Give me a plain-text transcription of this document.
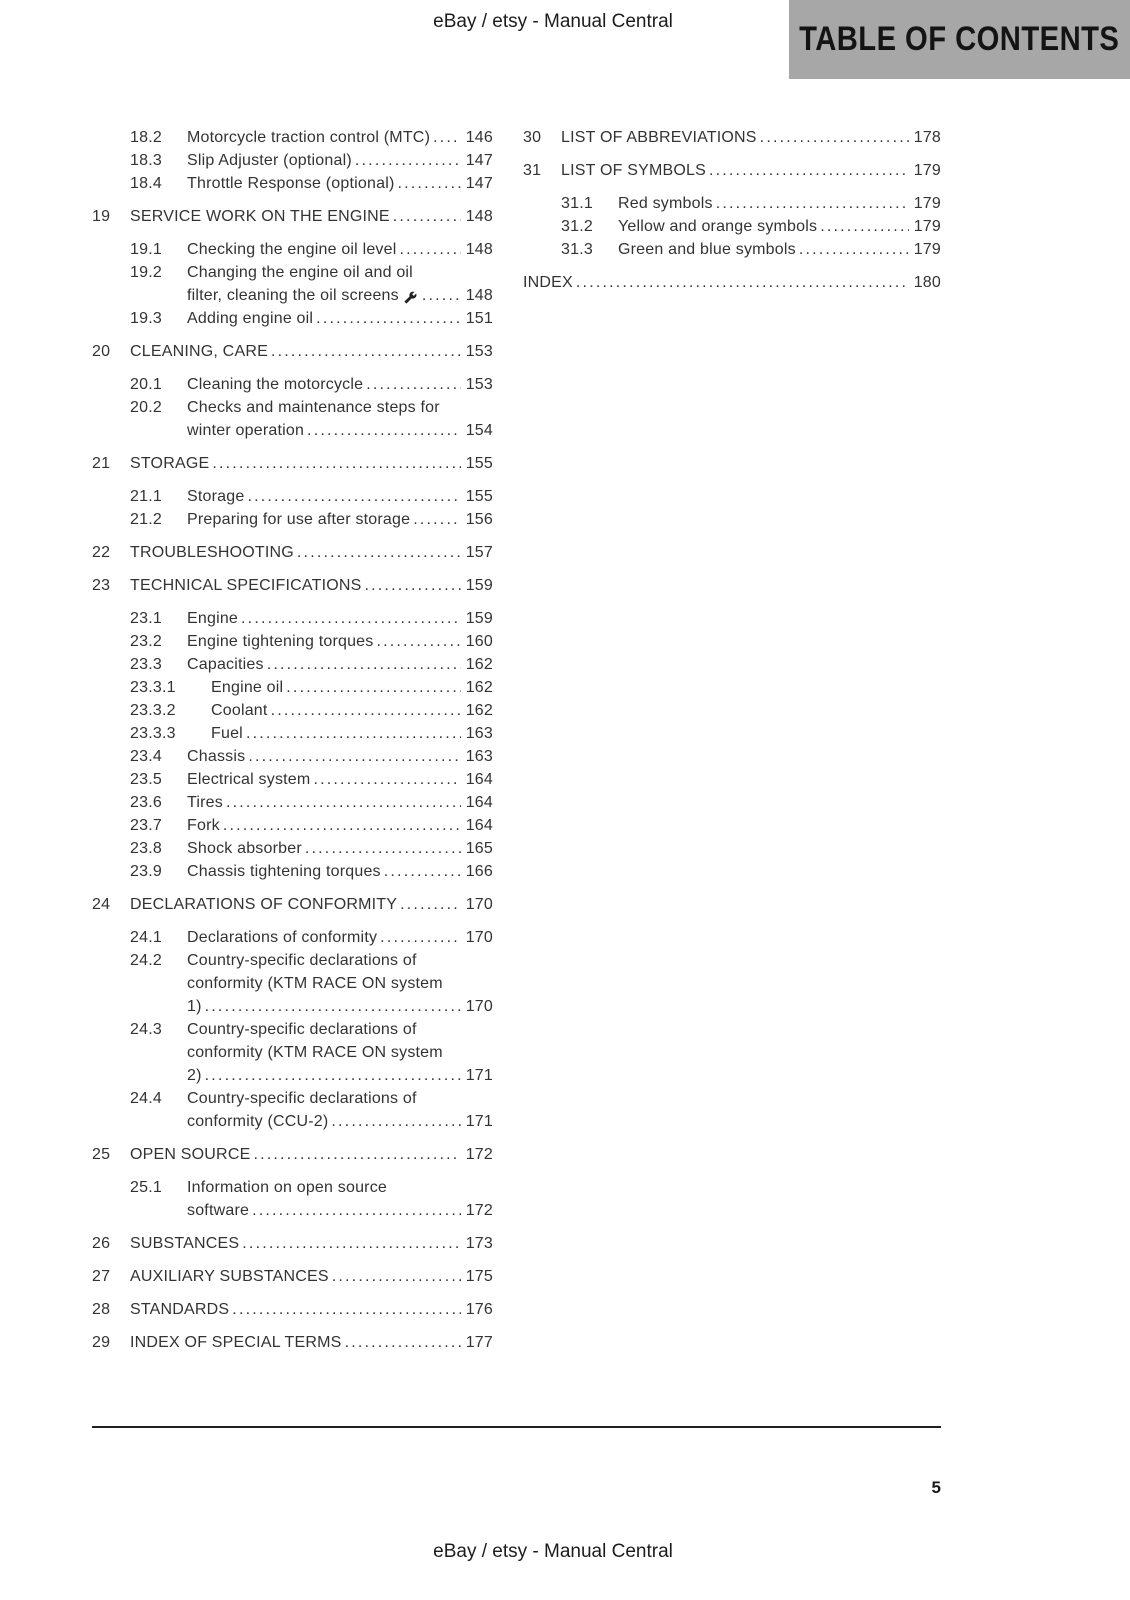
eBay / etsy - Manual Central	TABLE OF CONTENTS
18.2	Motorcycle traction control (MTC) .....	146
18.3	Slip Adjuster (optional) .....	147
18.4	Throttle Response (optional) .....	147
19	SERVICE WORK ON THE ENGINE .....	148
19.1	Checking the engine oil level .....	148
19.2	Changing the engine oil and oil
filter, cleaning the oil screens .....	148
19.3	Adding engine oil .....	151
20	CLEANING, CARE .....	153
20.1	Cleaning the motorcycle .....	153
20.2	Checks and maintenance steps for
winter operation .....	154
21	STORAGE .....	155
21.1	Storage .....	155
21.2	Preparing for use after storage .....	156
22	TROUBLESHOOTING .....	157
23	TECHNICAL SPECIFICATIONS .....	159
23.1	Engine .....	159
23.2	Engine tightening torques .....	160
23.3	Capacities .....	162
23.3.1	Engine oil .....	162
23.3.2	Coolant .....	162
23.3.3	Fuel .....	163
23.4	Chassis .....	163
23.5	Electrical system .....	164
23.6	Tires .....	164
23.7	Fork .....	164
23.8	Shock absorber .....	165
23.9	Chassis tightening torques .....	166
24	DECLARATIONS OF CONFORMITY .....	170
24.1	Declarations of conformity .....	170
24.2	Country-specific declarations of
conformity (KTM RACE ON system
1) .....	170
24.3	Country-specific declarations of
conformity (KTM RACE ON system
2) .....	171
24.4	Country-specific declarations of
conformity (CCU-2) .....	171
25	OPEN SOURCE .....	172
25.1	Information on open source
software .....	172
26	SUBSTANCES .....	173
27	AUXILIARY SUBSTANCES .....	175
28	STANDARDS .....	176
29	INDEX OF SPECIAL TERMS .....	177
30	LIST OF ABBREVIATIONS .....	178
31	LIST OF SYMBOLS .....	179
31.1	Red symbols .....	179
31.2	Yellow and orange symbols .....	179
31.3	Green and blue symbols .....	179
INDEX .....	180
5
eBay / etsy - Manual Central
